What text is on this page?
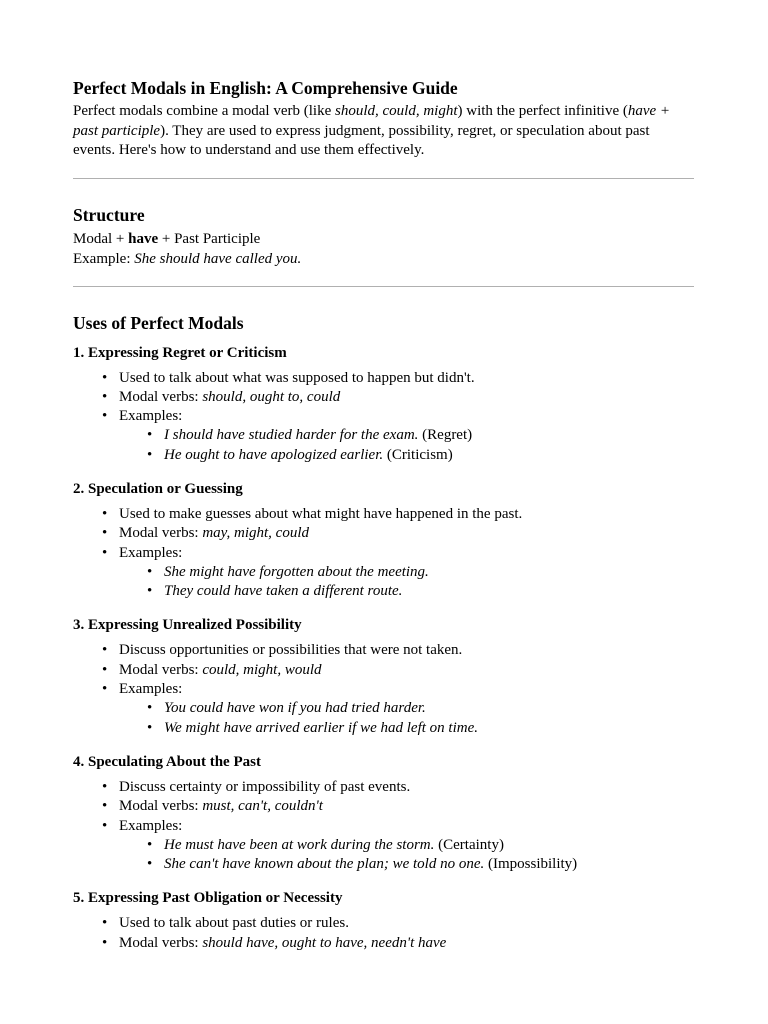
Perfect Modals in English: A Comprehensive Guide

Perfect modals combine a modal verb (like should, could, might) with the perfect infinitive (have + past participle). They are used to express judgment, possibility, regret, or speculation about past events. Here's how to understand and use them effectively.

Structure

Modal + have + Past Participle

Example: She should have called you.

Uses of Perfect Modals
1. Expressing Regret or Criticism
• Used to talk about what was supposed to happen but didn't.
• Modal verbs: should, ought to, could
• Examples:
• I should have studied harder for the exam. (Regret)
• He ought to have apologized earlier. (Criticism)
2. Speculation or Guessing
• Used to make guesses about what might have happened in the past.
• Modal verbs: may, might, could
• Examples:
• She might have forgotten about the meeting.
• They could have taken a different route.
3. Expressing Unrealized Possibility
• Discuss opportunities or possibilities that were not taken.
• Modal verbs: could, might, would
• Examples:
• You could have won if you had tried harder.
• We might have arrived earlier if we had left on time.
4. Speculating About the Past
• Discuss certainty or impossibility of past events.
• Modal verbs: must, can't, couldn't
• Examples:
• He must have been at work during the storm. (Certainty)
• She can't have known about the plan; we told no one. (Impossibility)
5. Expressing Past Obligation or Necessity
• Used to talk about past duties or rules.
• Modal verbs: should have, ought to have, needn't have
